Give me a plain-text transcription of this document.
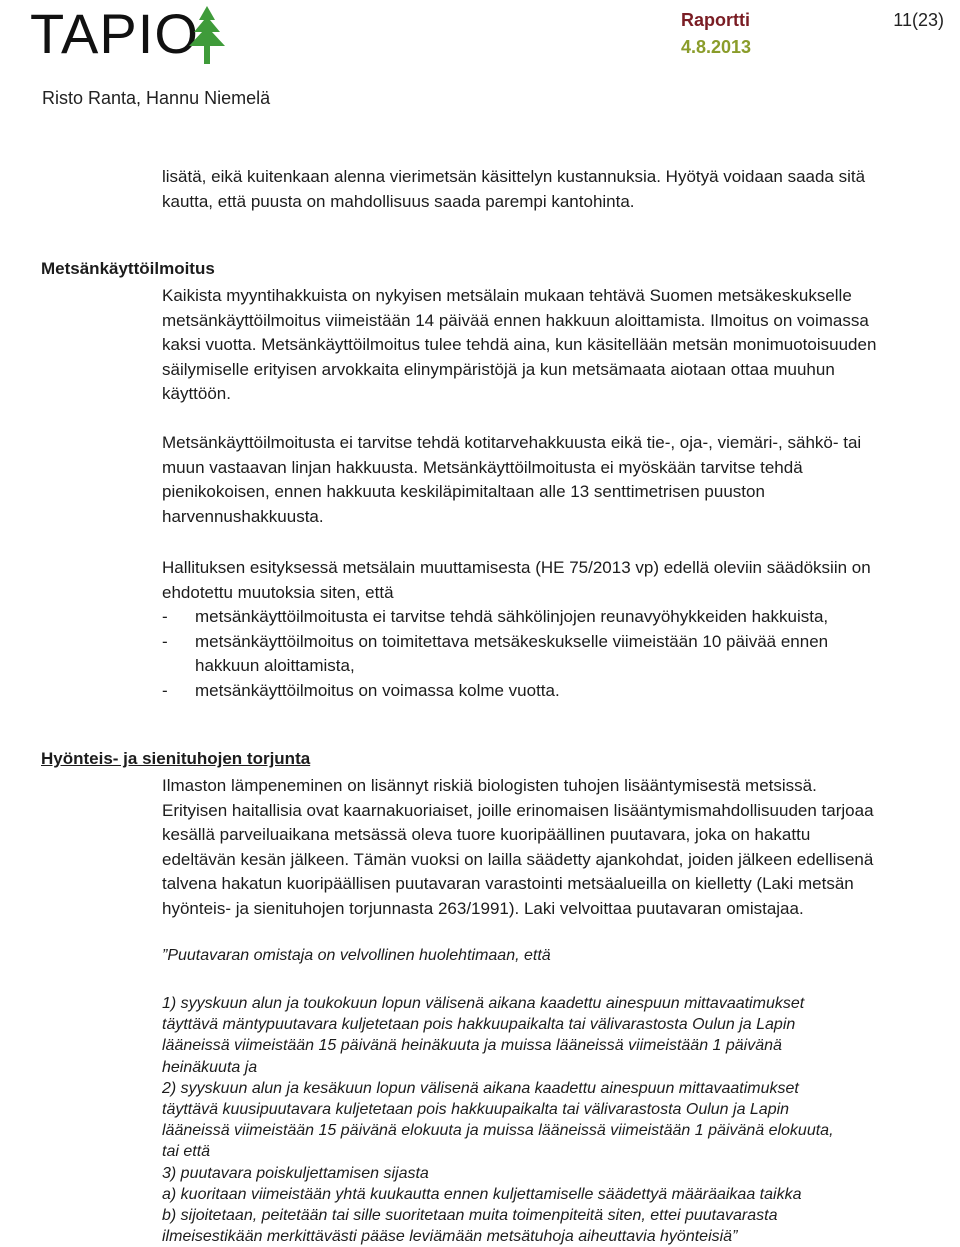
TAPIO	Raportti
4.8.2013
11(23)
Risto Ranta, Hannu Niemelä
lisätä, eikä kuitenkaan alenna vierimetsän käsittelyn kustannuksia. Hyötyä voidaan saada sitä
kautta, että puusta on mahdollisuus saada parempi kantohinta.
Metsänkäyttöilmoitus
Kaikista myyntihakkuista on nykyisen metsälain mukaan tehtävä Suomen metsäkeskukselle
metsänkäyttöilmoitus viimeistään 14 päivää ennen hakkuun aloittamista. Ilmoitus on voimassa
kaksi vuotta. Metsänkäyttöilmoitus tulee tehdä aina, kun käsitellään metsän monimuotoisuuden
säilymiselle erityisen arvokkaita elinympäristöjä ja kun metsämaata aiotaan ottaa muuhun
käyttöön.
Metsänkäyttöilmoitusta ei tarvitse tehdä kotitarvehakkuusta eikä tie-, oja-, viemäri-, sähkö- tai
muun vastaavan linjan hakkuusta. Metsänkäyttöilmoitusta ei myöskään tarvitse tehdä
pienikokoisen, ennen hakkuuta keskiläpimitaltaan alle 13 senttimetrisen puuston
harvennushakkuusta.
Hallituksen esityksessä metsälain muuttamisesta (HE 75/2013 vp) edellä oleviin säädöksiin on
ehdotettu muutoksia siten, että
-	metsänkäyttöilmoitusta ei tarvitse tehdä sähkölinjojen reunavyöhykkeiden hakkuista,
-	metsänkäyttöilmoitus on toimitettava metsäkeskukselle viimeistään 10 päivää ennen
hakkuun aloittamista,
-	metsänkäyttöilmoitus on voimassa kolme vuotta.
Hyönteis- ja sienituhojen torjunta
Ilmaston lämpeneminen on lisännyt riskiä biologisten tuhojen lisääntymisestä metsissä.
Erityisen haitallisia ovat kaarnakuoriaiset, joille erinomaisen lisääntymismahdollisuuden tarjoaa
kesällä parveiluaikana metsässä oleva tuore kuoripäällinen puutavara, joka on hakattu
edeltävän kesän jälkeen. Tämän vuoksi on lailla säädetty ajankohdat, joiden jälkeen edellisenä
talvena hakatun kuoripäällisen puutavaran varastointi metsäalueilla on kielletty (Laki metsän
hyönteis- ja sienituhojen torjunnasta 263/1991). Laki velvoittaa puutavaran omistajaa.
”Puutavaran omistaja on velvollinen huolehtimaan, että
1) syyskuun alun ja toukokuun lopun välisenä aikana kaadettu ainespuun mittavaatimukset
täyttävä mäntypuutavara kuljetetaan pois hakkuupaikalta tai välivarastosta Oulun ja Lapin
lääneissä viimeistään 15 päivänä heinäkuuta ja muissa lääneissä viimeistään 1 päivänä
heinäkuuta ja
2) syyskuun alun ja kesäkuun lopun välisenä aikana kaadettu ainespuun mittavaatimukset
täyttävä kuusipuutavara kuljetetaan pois hakkuupaikalta tai välivarastosta Oulun ja Lapin
lääneissä viimeistään 15 päivänä elokuuta ja muissa lääneissä viimeistään 1 päivänä elokuuta,
tai että
3) puutavara poiskuljettamisen sijasta
a) kuoritaan viimeistään yhtä kuukautta ennen kuljettamiselle säädettyä määräaikaa taikka
b) sijoitetaan, peitetään tai sille suoritetaan muita toimenpiteitä siten, ettei puutavarasta
ilmeisestikään merkittävästi pääse leviämään metsätuhoja aiheuttavia hyönteisiä”
